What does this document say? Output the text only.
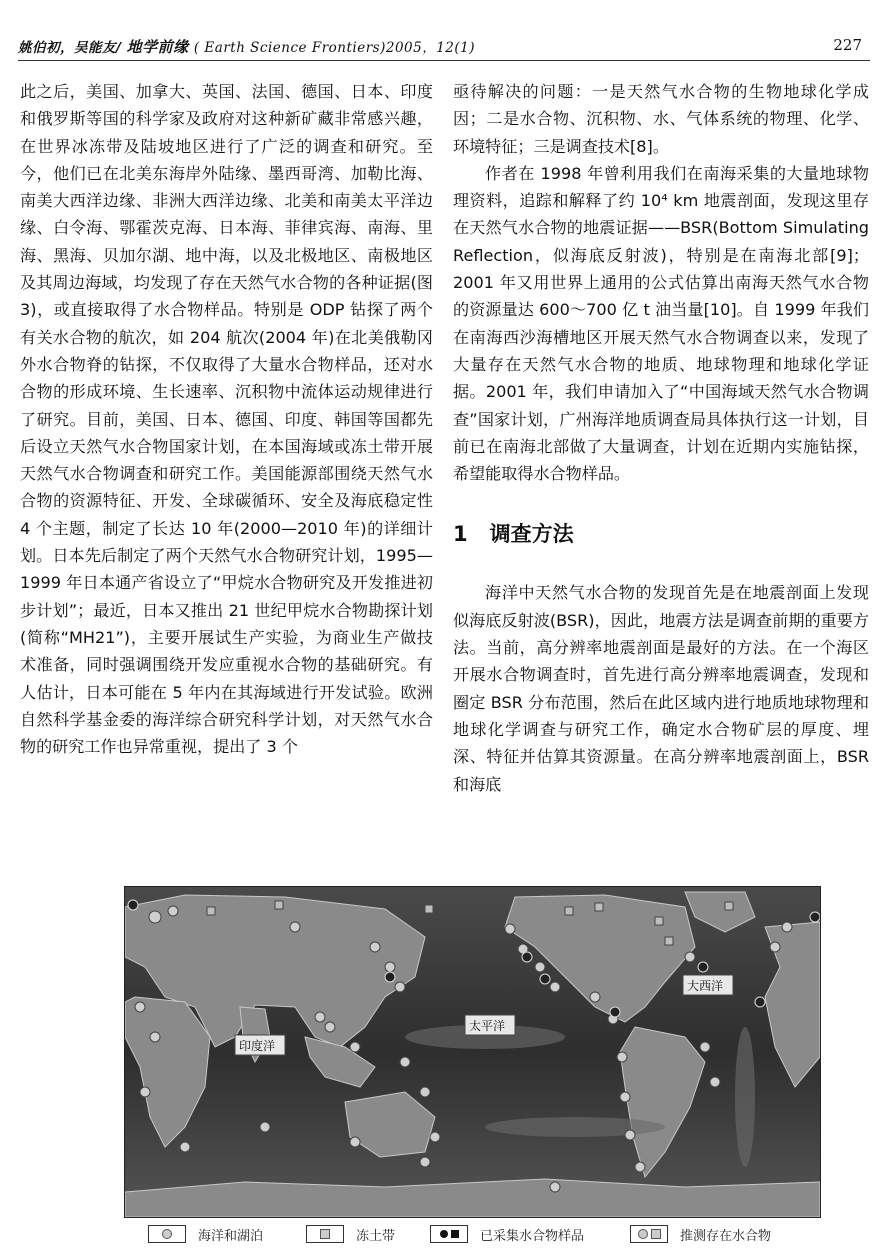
姚伯初，吴能友/ 地学前缘 ( Earth Science Frontiers)2005，12(1)	227

此之后，美国、加拿大、英国、法国、德国、日本、印度和俄罗斯等国的科学家及政府对这种新矿藏非常感兴趣，在世界冰冻带及陆坡地区进行了广泛的调查和研究。至今，他们已在北美东海岸外陆缘、墨西哥湾、加勒比海、南美大西洋边缘、非洲大西洋边缘、北美和南美太平洋边缘、白令海、鄂霍茨克海、日本海、菲律宾海、南海、里海、黑海、贝加尔湖、地中海，以及北极地区、南极地区及其周边海域，均发现了存在天然气水合物的各种证据(图 3)，或直接取得了水合物样品。特别是 ODP 钻探了两个有关水合物的航次，如 204 航次(2004 年)在北美俄勒冈外水合物脊的钻探，不仅取得了大量水合物样品，还对水合物的形成环境、生长速率、沉积物中流体运动规律进行了研究。目前，美国、日本、德国、印度、韩国等国都先后设立天然气水合物国家计划，在本国海域或冻土带开展天然气水合物调查和研究工作。美国能源部围绕天然气水合物的资源特征、开发、全球碳循环、安全及海底稳定性 4 个主题，制定了长达 10 年(2000—2010 年)的详细计划。日本先后制定了两个天然气水合物研究计划，1995—1999 年日本通产省设立了“甲烷水合物研究及开发推进初步计划”；最近，日本又推出 21 世纪甲烷水合物勘探计划(简称“MH21”)，主要开展试生产实验，为商业生产做技术准备，同时强调围绕开发应重视水合物的基础研究。有人估计，日本可能在 5 年内在其海域进行开发试验。欧洲自然科学基金委的海洋综合研究科学计划，对天然气水合物的研究工作也异常重视，提出了 3 个

亟待解决的问题：一是天然气水合物的生物地球化学成因；二是水合物、沉积物、水、气体系统的物理、化学、环境特征；三是调查技术[8]。

作者在 1998 年曾利用我们在南海采集的大量地球物理资料，追踪和解释了约 10⁴ km 地震剖面，发现这里存在天然气水合物的地震证据——BSR(Bottom Simulating Reflection，似海底反射波)，特别是在南海北部[9]；2001 年又用世界上通用的公式估算出南海天然气水合物的资源量达 600～700 亿 t 油当量[10]。自 1999 年我们在南海西沙海槽地区开展天然气水合物调查以来，发现了大量存在天然气水合物的地质、地球物理和地球化学证据。2001 年，我们申请加入了“中国海域天然气水合物调查”国家计划，广州海洋地质调查局具体执行这一计划，目前已在南海北部做了大量调查，计划在近期内实施钻探，希望能取得水合物样品。

1 调查方法

海洋中天然气水合物的发现首先是在地震剖面上发现似海底反射波(BSR)，因此，地震方法是调查前期的重要方法。当前，高分辨率地震剖面是最好的方法。在一个海区开展水合物调查时，首先进行高分辨率地震调查，发现和圈定 BSR 分布范围，然后在此区域内进行地质地球物理和地球化学调查与研究工作，确定水合物矿层的厚度、埋深、特征并估算其资源量。在高分辨率地震剖面上，BSR和海底

印度洋
太平洋
大西洋
海洋和湖泊	冻土带	已采集水合物样品	推测存在水合物
